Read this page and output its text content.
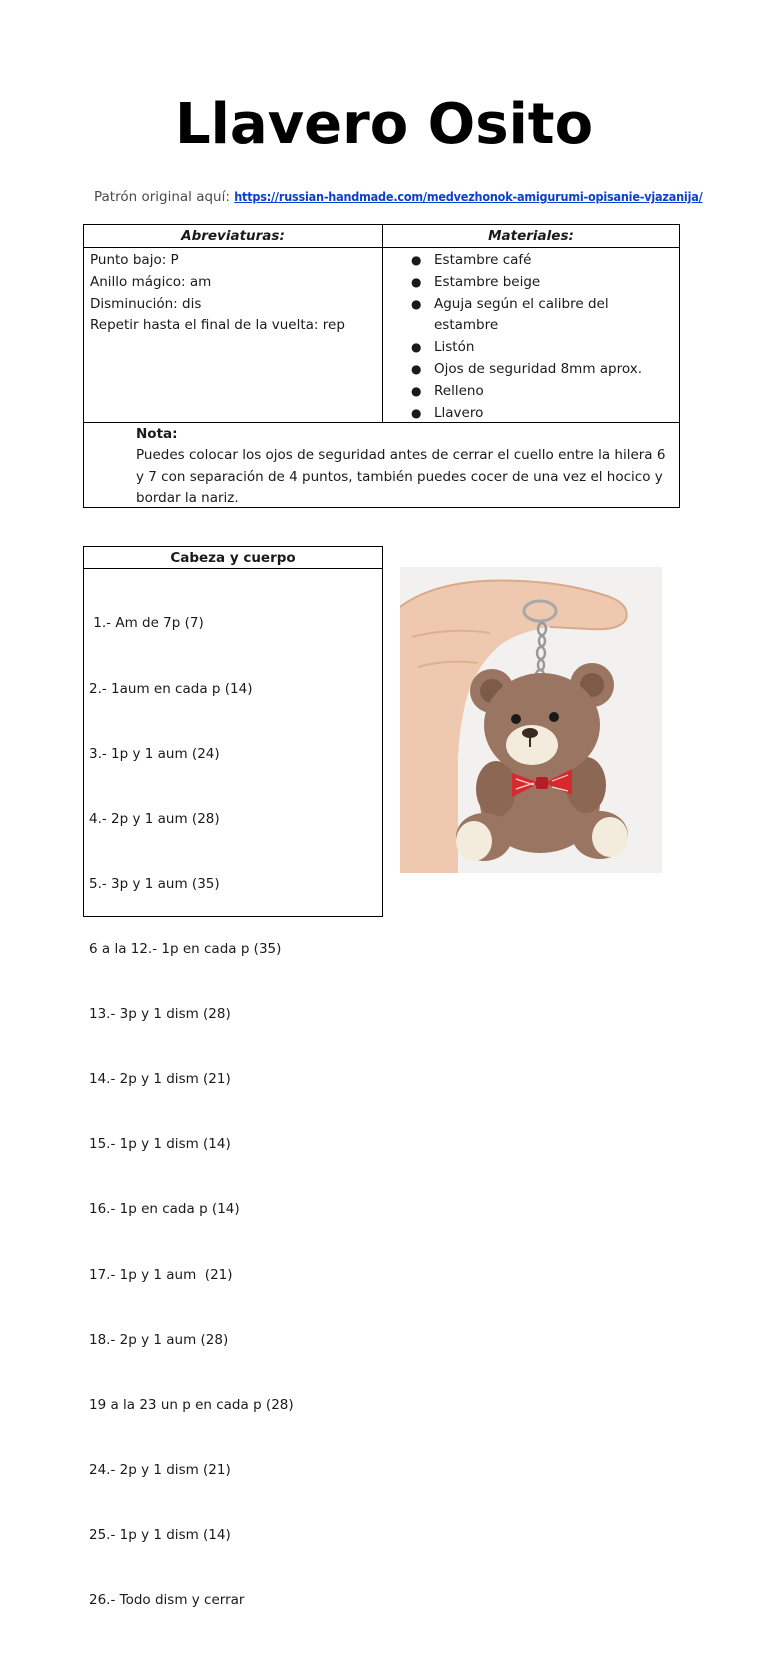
Llavero Osito
Patrón original aquí: https://russian-handmade.com/medvezhonok-amigurumi-opisanie-vjazanija/
Abreviaturas:	Materiales:
Punto bajo: P
Anillo mágico: am
Disminución: dis
Repetir hasta el final de la vuelta: rep
● Estambre café
● Estambre beige
● Aguja según el calibre del estambre
● Listón
● Ojos de seguridad 8mm aprox.
● Relleno
● Llavero
Nota:
Puedes colocar los ojos de seguridad antes de cerrar el cuello entre la hilera 6 y 7 con separación de 4 puntos, también puedes cocer de una vez el hocico y bordar la nariz.
Cabeza y cuerpo

1.- Am de 7p (7)

2.- 1aum en cada p (14)

3.- 1p y 1 aum (24)

4.- 2p y 1 aum (28)

5.- 3p y 1 aum (35)

6 a la 12.- 1p en cada p (35)

13.- 3p y 1 dism (28)

14.- 2p y 1 dism (21)

15.- 1p y 1 dism (14)

16.- 1p en cada p (14)

17.- 1p y 1 aum  (21)

18.- 2p y 1 aum (28)

19 a la 23 un p en cada p (28)

24.- 2p y 1 dism (21)

25.- 1p y 1 dism (14)

26.- Todo dism y cerrar
